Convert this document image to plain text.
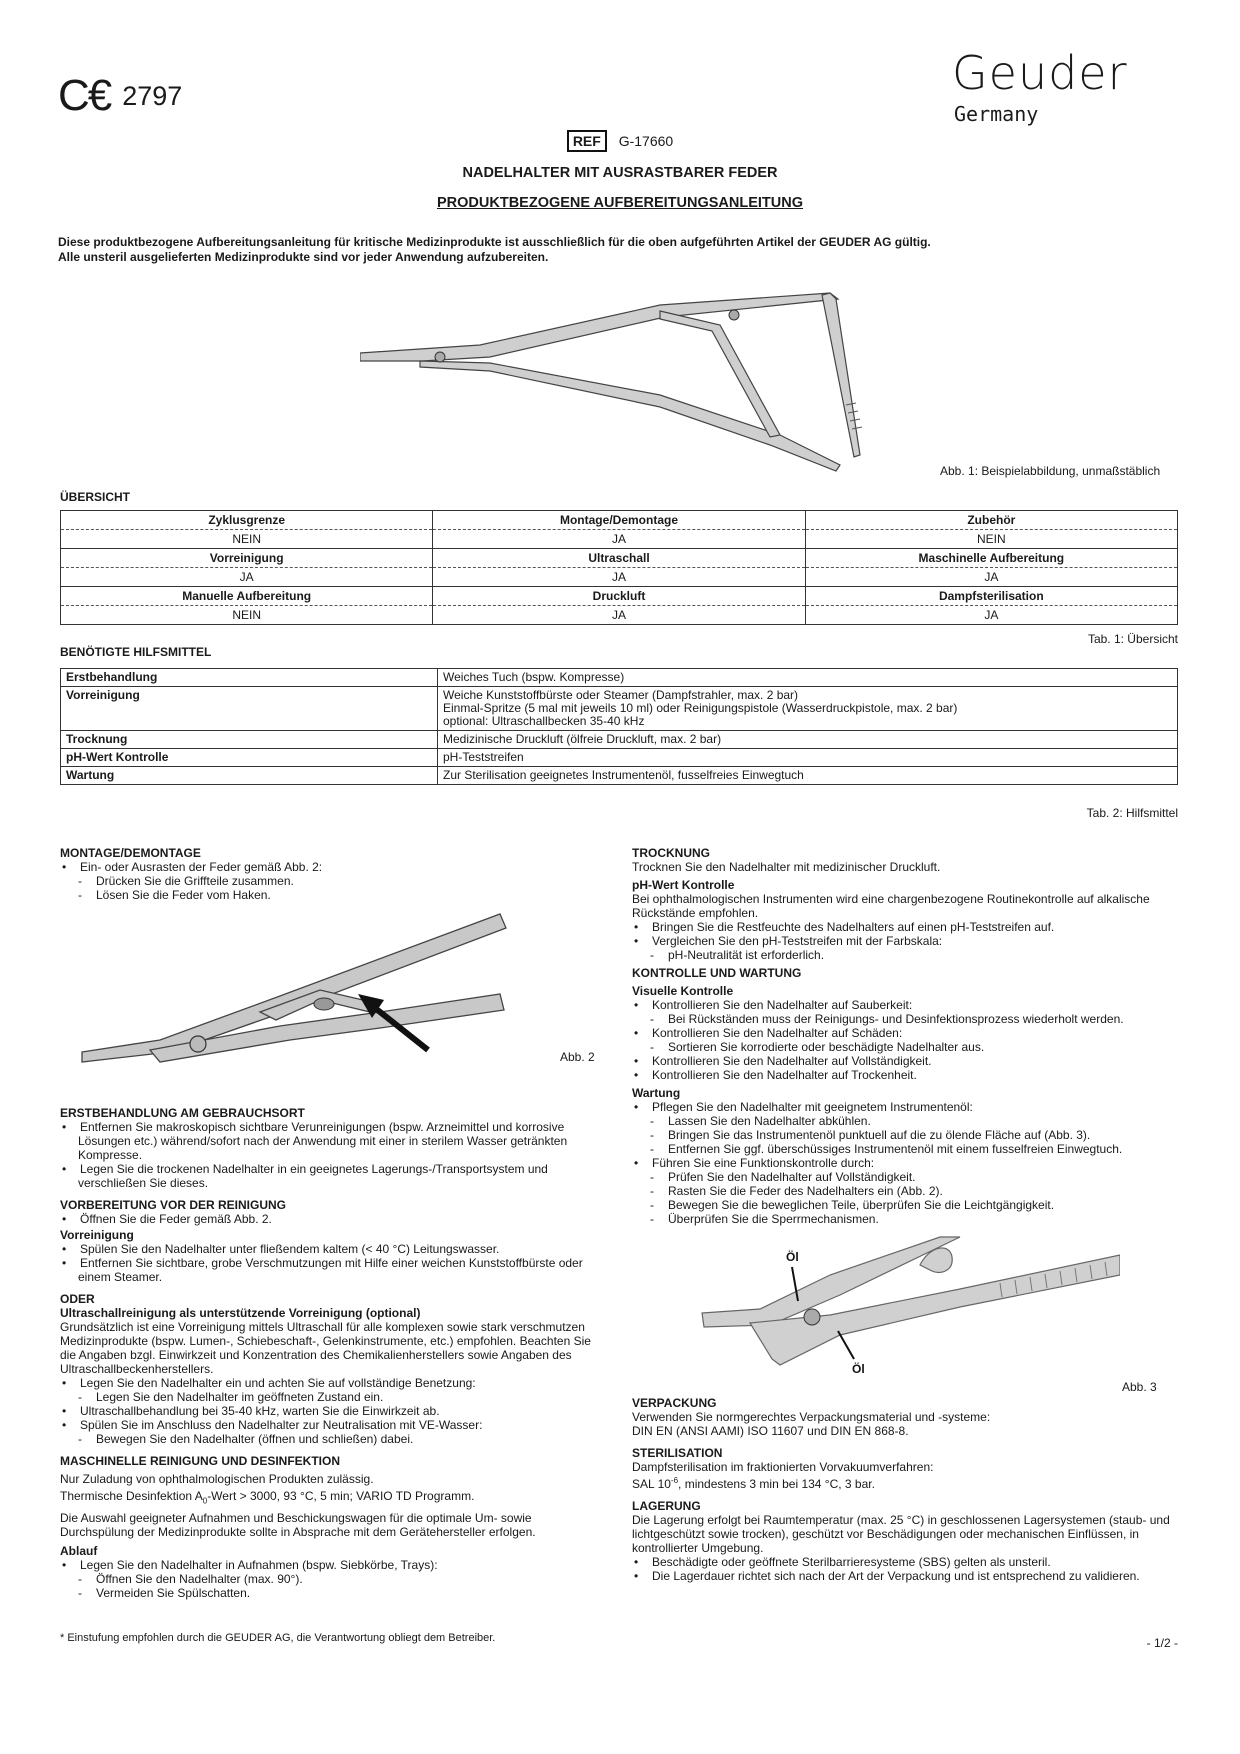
C€ 2797	Geuder
Germany
REF G-17660
NADELHALTER MIT AUSRASTBARER FEDER
PRODUKTBEZOGENE AUFBEREITUNGSANLEITUNG
Diese produktbezogene Aufbereitungsanleitung für kritische Medizinprodukte ist ausschließlich für die oben aufgeführten Artikel der GEUDER AG gültig.
Alle unsteril ausgelieferten Medizinprodukte sind vor jeder Anwendung aufzubereiten.
Abb. 1: Beispielabbildung, unmaßstäblich
ÜBERSICHT
Zyklusgrenze	Montage/Demontage	Zubehör
NEIN	JA	NEIN
Vorreinigung	Ultraschall	Maschinelle Aufbereitung
JA	JA	JA
Manuelle Aufbereitung	Druckluft	Dampfsterilisation
NEIN	JA	JA
Tab. 1: Übersicht
BENÖTIGTE HILFSMITTEL
Erstbehandlung	Weiches Tuch (bspw. Kompresse)
Vorreinigung	Weiche Kunststoffbürste oder Steamer (Dampfstrahler, max. 2 bar)
Einmal-Spritze (5 mal mit jeweils 10 ml) oder Reinigungspistole (Wasserdruckpistole, max. 2 bar)
optional: Ultraschallbecken 35-40 kHz

Trocknung	Medizinische Druckluft (ölfreie Druckluft, max. 2 bar)
pH-Wert Kontrolle	pH-Teststreifen
Wartung	Zur Sterilisation geeignetes Instrumentenöl, fusselfreies Einwegtuch
Tab. 2: Hilfsmittel
MONTAGE/DEMONTAGE
• Ein- oder Ausrasten der Feder gemäß Abb. 2:
- Drücken Sie die Griffteile zusammen.
- Lösen Sie die Feder vom Haken.
ERSTBEHANDLUNG AM GEBRAUCHSORT
• Entfernen Sie makroskopisch sichtbare Verunreinigungen (bspw. Arzneimittel und korrosive Lösungen etc.) während/sofort nach der Anwendung mit einer in sterilem Wasser getränkten Kompresse.
• Legen Sie die trockenen Nadelhalter in ein geeignetes Lagerungs-/Transportsystem und verschließen Sie dieses.
VORBEREITUNG VOR DER REINIGUNG
• Öffnen Sie die Feder gemäß Abb. 2.
Vorreinigung
• Spülen Sie den Nadelhalter unter fließendem kaltem (< 40 °C) Leitungswasser.
• Entfernen Sie sichtbare, grobe Verschmutzungen mit Hilfe einer weichen Kunststoffbürste oder einem Steamer.
ODER
Ultraschallreinigung als unterstützende Vorreinigung (optional)
Grundsätzlich ist eine Vorreinigung mittels Ultraschall für alle komplexen sowie stark verschmutzen Medizinprodukte (bspw. Lumen-, Schiebeschaft-, Gelenkinstrumente, etc.) empfohlen. Beachten Sie die Angaben bzgl. Einwirkzeit und Konzentration des Chemikalienherstellers sowie Angaben des Ultraschallbeckenherstellers.
• Legen Sie den Nadelhalter ein und achten Sie auf vollständige Benetzung:
- Legen Sie den Nadelhalter im geöffneten Zustand ein.
• Ultraschallbehandlung bei 35-40 kHz, warten Sie die Einwirkzeit ab.
• Spülen Sie im Anschluss den Nadelhalter zur Neutralisation mit VE-Wasser:
- Bewegen Sie den Nadelhalter (öffnen und schließen) dabei.
MASCHINELLE REINIGUNG UND DESINFEKTION
Nur Zuladung von ophthalmologischen Produkten zulässig.
Thermische Desinfektion $A_0$-Wert > 3000, 93 °C, 5 min; VARIO TD Programm.
Die Auswahl geeigneter Aufnahmen und Beschickungswagen für die optimale Um- sowie Durchspülung der Medizinprodukte sollte in Absprache mit dem Gerätehersteller erfolgen.
Ablauf
• Legen Sie den Nadelhalter in Aufnahmen (bspw. Siebkörbe, Trays):
- Öffnen Sie den Nadelhalter (max. 90°).
- Vermeiden Sie Spülschatten.
Abb. 2
TROCKNUNG
Trocknen Sie den Nadelhalter mit medizinischer Druckluft.
pH-Wert Kontrolle
Bei ophthalmologischen Instrumenten wird eine chargenbezogene Routinekontrolle auf alkalische Rückstände empfohlen.
• Bringen Sie die Restfeuchte des Nadelhalters auf einen pH-Teststreifen auf.
• Vergleichen Sie den pH-Teststreifen mit der Farbskala:
- pH-Neutralität ist erforderlich.
KONTROLLE UND WARTUNG
Visuelle Kontrolle
• Kontrollieren Sie den Nadelhalter auf Sauberkeit:
- Bei Rückständen muss der Reinigungs- und Desinfektionsprozess wiederholt werden.
• Kontrollieren Sie den Nadelhalter auf Schäden:
- Sortieren Sie korrodierte oder beschädigte Nadelhalter aus.
• Kontrollieren Sie den Nadelhalter auf Vollständigkeit.
• Kontrollieren Sie den Nadelhalter auf Trockenheit.
Wartung
• Pflegen Sie den Nadelhalter mit geeignetem Instrumentenöl:
- Lassen Sie den Nadelhalter abkühlen.
- Bringen Sie das Instrumentenöl punktuell auf die zu ölende Fläche auf (Abb. 3).
- Entfernen Sie ggf. überschüssiges Instrumentenöl mit einem fusselfreien Einwegtuch.
• Führen Sie eine Funktionskontrolle durch:
- Prüfen Sie den Nadelhalter auf Vollständigkeit.
- Rasten Sie die Feder des Nadelhalters ein (Abb. 2).
- Bewegen Sie die beweglichen Teile, überprüfen Sie die Leichtgängigkeit.
- Überprüfen Sie die Sperrmechanismen.
VERPACKUNG
Verwenden Sie normgerechtes Verpackungsmaterial und -systeme:
DIN EN (ANSI AAMI) ISO 11607 und DIN EN 868-8.
STERILISATION
Dampfsterilisation im fraktionierten Vorvakuumverfahren:
SAL $10^{-6}$, mindestens 3 min bei 134 °C, 3 bar.
LAGERUNG
Die Lagerung erfolgt bei Raumtemperatur (max. 25 °C) in geschlossenen Lagersystemen (staub- und lichtgeschützt sowie trocken), geschützt vor Beschädigungen oder mechanischen Einflüssen, in kontrollierter Umgebung.
• Beschädigte oder geöffnete Sterilbarrieresysteme (SBS) gelten als unsteril.
• Die Lagerdauer richtet sich nach der Art der Verpackung und ist entsprechend zu validieren.
Öl
Öl
Abb. 3
* Einstufung empfohlen durch die GEUDER AG, die Verantwortung obliegt dem Betreiber.	- 1/2 -
